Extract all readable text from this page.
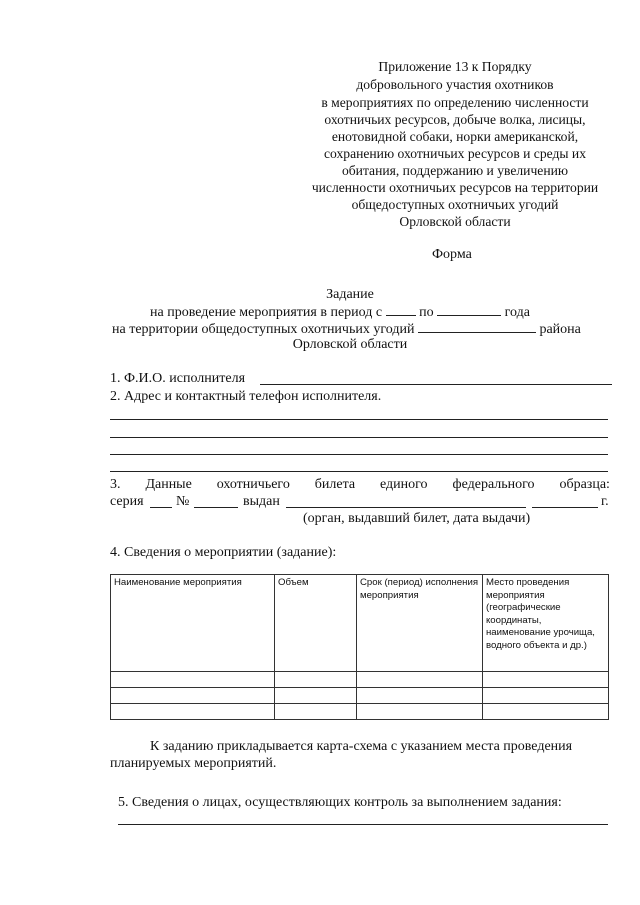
Приложение 13 к Порядку
добровольного участия охотников
в мероприятиях по определению численности
охотничьих ресурсов, добыче волка, лисицы,
енотовидной собаки, норки американской,
сохранению охотничьих ресурсов и среды их
обитания, поддержанию и увеличению
численности охотничьих ресурсов на территории
общедоступных охотничьих угодий
Орловской области
Форма
Задание
на проведение мероприятия в период с	по	года
на территории общедоступных охотничьих угодий	района
Орловской области
1. Ф.И.О. исполнителя
2. Адрес и контактный телефон исполнителя.
3. Данные охотничьего билета единого федерального образца:
серия №	выдан	г.
(орган, выдавший билет, дата выдачи)
4. Сведения о мероприятии (задание):
Наименование мероприятия	Объем	Срок (период) исполнения мероприятия	Место проведения мероприятия (географические координаты, наименование урочища, водного объекта и др.)

К заданию прикладывается карта-схема с указанием места проведения
планируемых мероприятий.
5. Сведения о лицах, осуществляющих контроль за выполнением задания:
